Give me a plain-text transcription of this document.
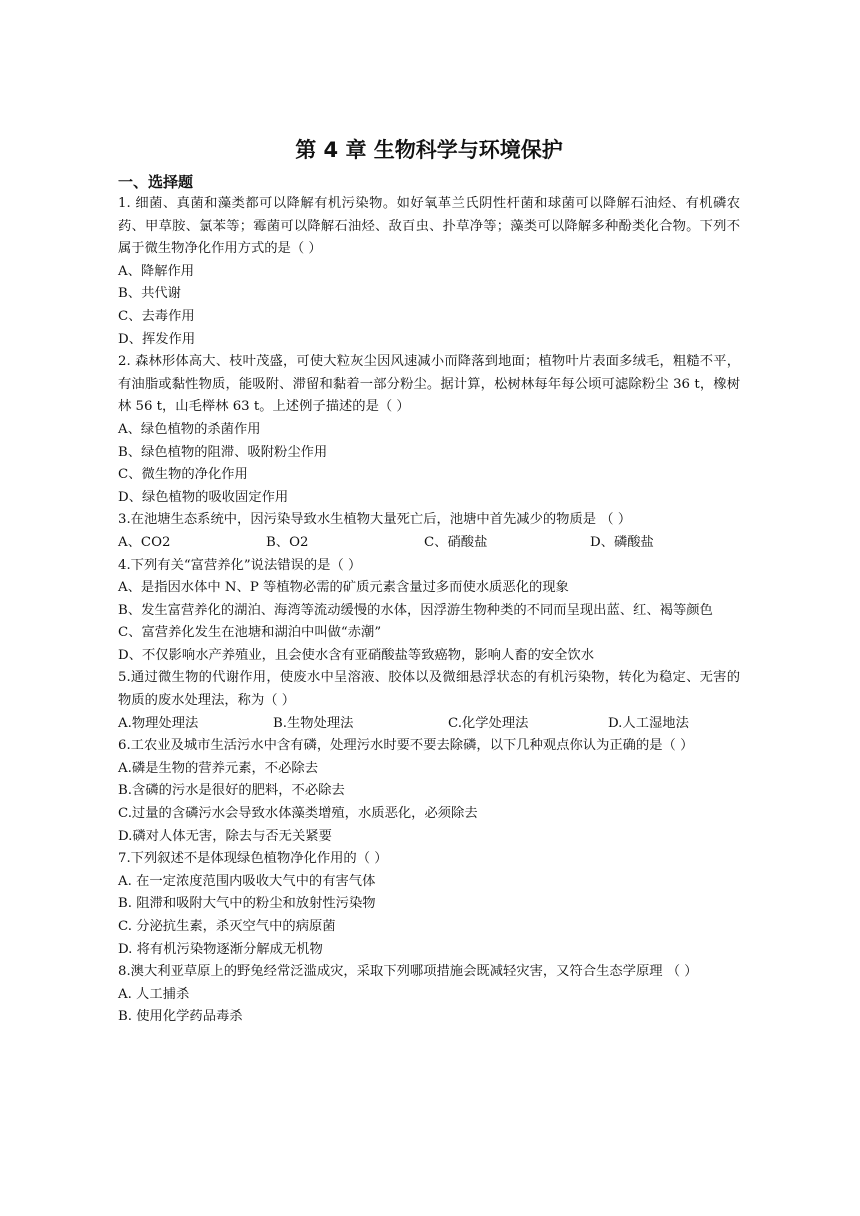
第 4 章 生物科学与环境保护
一、选择题
1. 细菌、真菌和藻类都可以降解有机污染物。如好氧革兰氏阴性杆菌和球菌可以降解石油烃、有机磷农药、甲草胺、氯苯等；霉菌可以降解石油烃、敌百虫、扑草净等；藻类可以降解多种酚类化合物。下列不属于微生物净化作用方式的是（ ）
A、降解作用
B、共代谢
C、去毒作用
D、挥发作用
2. 森林形体高大、枝叶茂盛，可使大粒灰尘因风速减小而降落到地面；植物叶片表面多绒毛，粗糙不平，有油脂或黏性物质，能吸附、滞留和黏着一部分粉尘。据计算，松树林每年每公顷可滤除粉尘 36 t，橡树林 56 t，山毛榉林 63 t。上述例子描述的是（ ）
A、绿色植物的杀菌作用
B、绿色植物的阻滞、吸附粉尘作用
C、微生物的净化作用
D、绿色植物的吸收固定作用
3.在池塘生态系统中，因污染导致水生植物大量死亡后，池塘中首先减少的物质是 （ ）
A、CO2	B、O2	C、硝酸盐	D、磷酸盐
4.下列有关“富营养化”说法错误的是（ ）
A、是指因水体中 N、P 等植物必需的矿质元素含量过多而使水质恶化的现象
B、发生富营养化的湖泊、海湾等流动缓慢的水体，因浮游生物种类的不同而呈现出蓝、红、褐等颜色
C、富营养化发生在池塘和湖泊中叫做“赤潮”
D、不仅影响水产养殖业，且会使水含有亚硝酸盐等致癌物，影响人畜的安全饮水
5.通过微生物的代谢作用，使废水中呈溶液、胶体以及微细悬浮状态的有机污染物，转化为稳定、无害的物质的废水处理法，称为（ ）
A.物理处理法	B.生物处理法	C.化学处理法	D.人工湿地法
6.工农业及城市生活污水中含有磷，处理污水时要不要去除磷，以下几种观点你认为正确的是（ ）
A.磷是生物的营养元素，不必除去
B.含磷的污水是很好的肥料，不必除去
C.过量的含磷污水会导致水体藻类增殖，水质恶化，必须除去
D.磷对人体无害，除去与否无关紧要
7.下列叙述不是体现绿色植物净化作用的（ ）
A. 在一定浓度范围内吸收大气中的有害气体
B. 阻滞和吸附大气中的粉尘和放射性污染物
C. 分泌抗生素，杀灭空气中的病原菌
D. 将有机污染物逐渐分解成无机物
8.澳大利亚草原上的野兔经常泛滥成灾，采取下列哪项措施会既减轻灾害，又符合生态学原理 （ ）
A. 人工捕杀
B. 使用化学药品毒杀
